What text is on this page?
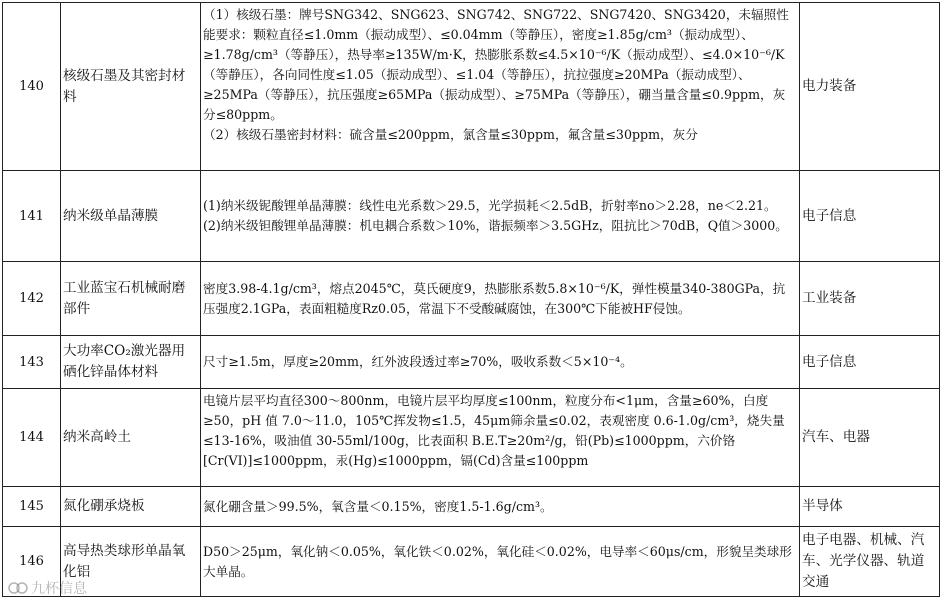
140	核级石墨及其密封材料	（1）核级石墨：牌号SNG342、SNG623、SNG742、SNG722、SNG7420、SNG3420，未辐照性能要求：颗粒直径≤1.0mm（振动成型）、≤0.04mm（等静压），密度≥1.85g/cm³（振动成型）、≥1.78g/cm³（等静压），热导率≥135W/m·K，热膨胀系数≤4.5×10⁻⁶/K（振动成型）、≤4.0×10⁻⁶/K（等静压），各向同性度≤1.05（振动成型）、≤1.04（等静压），抗拉强度≥20MPa（振动成型）、≥25MPa（等静压），抗压强度≥65MPa（振动成型）、≥75MPa（等静压），硼当量含量≤0.9ppm，灰分≤80ppm。
（2）核级石墨密封材料：硫含量≤200ppm，氯含量≤30ppm，氟含量≤30ppm，灰分	电力装备
141	纳米级单晶薄膜	(1)纳米级铌酸锂单晶薄膜：线性电光系数＞29.5，光学损耗＜2.5dB，折射率no＞2.28，ne＜2.21。
(2)纳米级钽酸锂单晶薄膜：机电耦合系数＞10%，谐振频率＞3.5GHz，阻抗比＞70dB，Q值＞3000。	电子信息
142	工业蓝宝石机械耐磨部件	密度3.98-4.1g/cm³，熔点2045℃，莫氏硬度9，热膨胀系数5.8×10⁻⁶/K，弹性模量340-380GPa，抗压强度2.1GPa，表面粗糙度Rz0.05，常温下不受酸碱腐蚀，在300℃下能被HF侵蚀。	工业装备
143	大功率CO₂激光器用硒化锌晶体材料	尺寸≥1.5m，厚度≥20mm，红外波段透过率≥70%，吸收系数＜5×10⁻⁴。	电子信息
144	纳米高岭土	电镜片层平均直径300～800nm，电镜片层平均厚度≤100nm，粒度分布<1μm，含量≥60%，白度≥50，pH 值 7.0～11.0，105℃挥发物≤1.5，45μm筛余量≤0.02，表观密度 0.6-1.0g/cm³，烧失量≤13-16%，吸油值 30-55ml/100g，比表面积 B.E.T≥20m²/g，铅(Pb)≤1000ppm，六价铬[Cr(VI)]≤1000ppm，汞(Hg)≤1000ppm，镉(Cd)含量≤100ppm	汽车、电器
145	氮化硼承烧板	氮化硼含量＞99.5%，氧含量＜0.15%，密度1.5-1.6g/cm³。	半导体
146	高导热类球形单晶氧化铝	D50＞25μm，氧化钠＜0.05%，氧化铁＜0.02%，氧化硅＜0.02%，电导率＜60μs/cm，形貌呈类球形大单晶。	电子电器、机械、汽车、光学仪器、轨道交通
九杯信息
